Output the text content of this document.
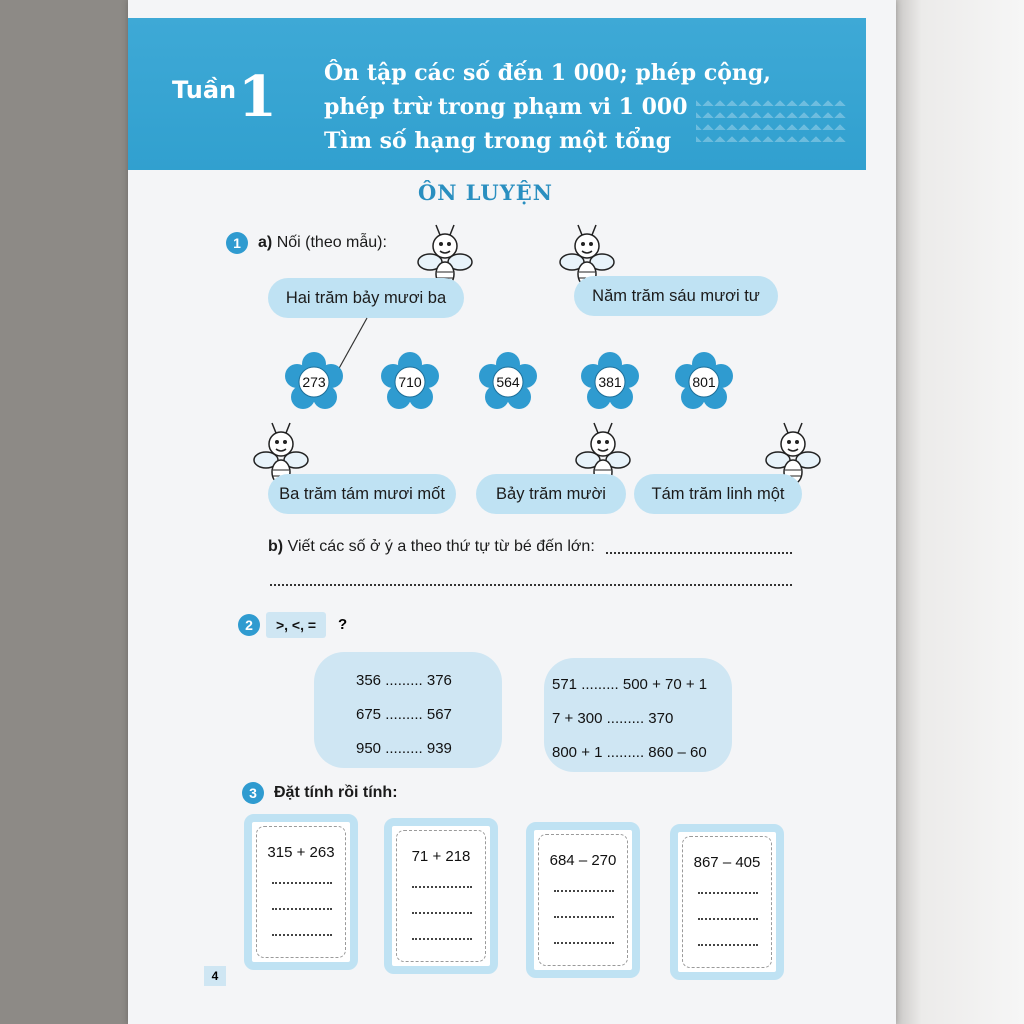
Tuần 1 Ôn tập các số đến 1 000; phép cộng,
phép trừ trong phạm vi 1 000
Tìm số hạng trong một tổng
ÔN LUYỆN
1	a) Nối (theo mẫu):
Hai trăm bảy mươi ba	Năm trăm sáu mươi tư
273	710	564	381	801
Ba trăm tám mươi mốt	Bảy trăm mười	Tám trăm linh một
b) Viết các số ở ý a theo thứ tự từ bé đến lớn:
2	>, <, =	?
356 ......... 376
675 ......... 567
950 ......... 939
571 ......... 500 + 70 + 1
7 + 300 ......... 370
800 + 1 ......... 860 – 60
3	Đặt tính rồi tính:
315 + 263	71 + 218	684 – 270	867 – 405
4
